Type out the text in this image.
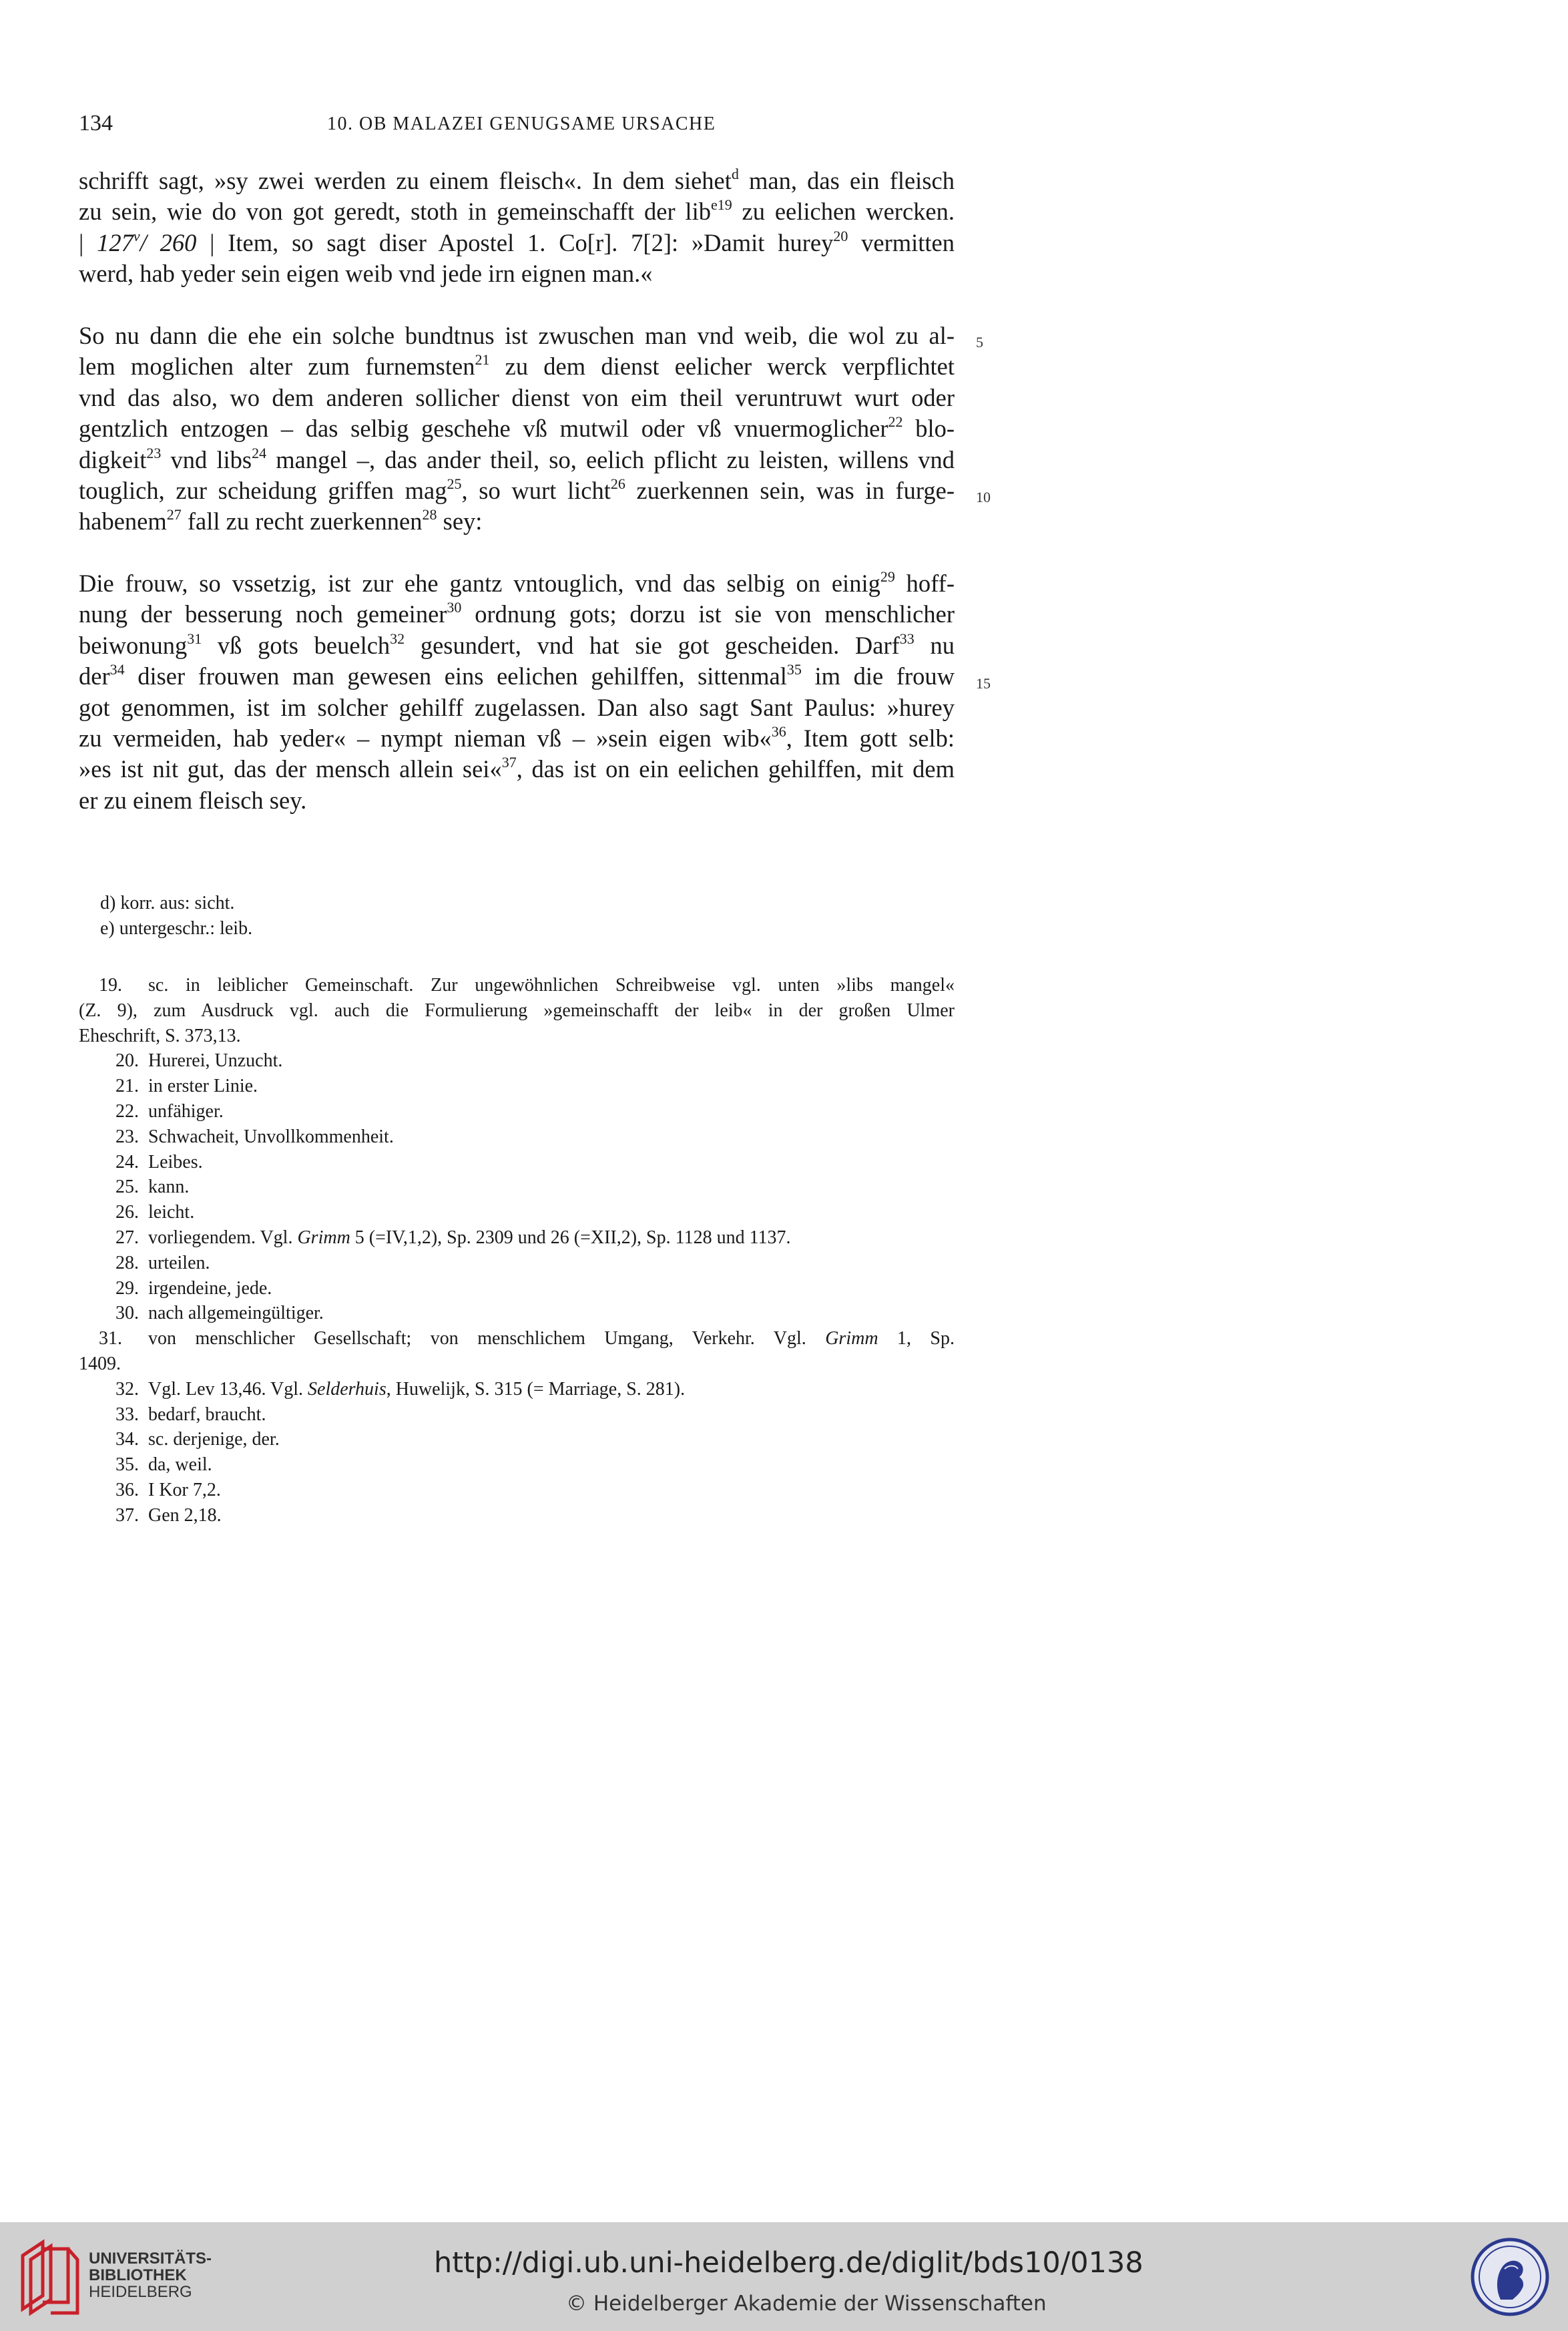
134	10. OB MALAZEI GENUGSAME URSACHE
schrifft sagt, »sy zwei werden zu einem fleisch«. In dem siehet$^d$ man, das ein fleisch
zu sein, wie do von got geredt, stoth in gemeinschafft der lib$^{e19}$ zu eelichen wercken.
| 127$^v$/ 260 | Item, so sagt diser Apostel 1. Co[r]. 7[2]: »Damit hurey$^{20}$ vermitten
werd, hab yeder sein eigen weib vnd jede irn eignen man.«
So nu dann die ehe ein solche bundtnus ist zwuschen man vnd weib, die wol zu al-
lem moglichen alter zum furnemsten$^{21}$ zu dem dienst eelicher werck verpflichtet
vnd das also, wo dem anderen sollicher dienst von eim theil veruntruwt wurt oder
gentzlich entzogen – das selbig geschehe vß mutwil oder vß vnuermoglicher$^{22}$ blo-
digkeit$^{23}$ vnd libs$^{24}$ mangel –, das ander theil, so, eelich pflicht zu leisten, willens vnd
touglich, zur scheidung griffen mag$^{25}$, so wurt licht$^{26}$ zuerkennen sein, was in furge-
habenem$^{27}$ fall zu recht zuerkennen$^{28}$ sey:
Die frouw, so vssetzig, ist zur ehe gantz vntouglich, vnd das selbig on einig$^{29}$ hoff-
nung der besserung noch gemeiner$^{30}$ ordnung gots; dorzu ist sie von menschlicher
beiwonung$^{31}$ vß gots beuelch$^{32}$ gesundert, vnd hat sie got gescheiden. Darf$^{33}$ nu
der$^{34}$ diser frouwen man gewesen eins eelichen gehilffen, sittenmal$^{35}$ im die frouw
got genommen, ist im solcher gehilff zugelassen. Dan also sagt Sant Paulus: »hurey
zu vermeiden, hab yeder« – nympt nieman vß – »sein eigen wib«$^{36}$, Item gott selb:
»es ist nit gut, das der mensch allein sei«$^{37}$, das ist on ein eelichen gehilffen, mit dem
er zu einem fleisch sey.
5
10
15
d) korr. aus: sicht.
e) untergeschr.: leib.
19. sc. in leiblicher Gemeinschaft. Zur ungewöhnlichen Schreibweise vgl. unten »libs mangel«
(Z. 9), zum Ausdruck vgl. auch die Formulierung »gemeinschafft der leib« in der großen Ulmer
Eheschrift, S. 373,13.
20. Hurerei, Unzucht.
21. in erster Linie.
22. unfähiger.
23. Schwacheit, Unvollkommenheit.
24. Leibes.
25. kann.
26. leicht.
27. vorliegendem. Vgl. Grimm 5 (=IV,1,2), Sp. 2309 und 26 (=XII,2), Sp. 1128 und 1137.
28. urteilen.
29. irgendeine, jede.
30. nach allgemeingültiger.
31. von menschlicher Gesellschaft; von menschlichem Umgang, Verkehr. Vgl. Grimm 1, Sp.
1409.
32. Vgl. Lev 13,46. Vgl. Selderhuis, Huwelijk, S. 315 (= Marriage, S. 281).
33. bedarf, braucht.
34. sc. derjenige, der.
35. da, weil.
36. I Kor 7,2.
37. Gen 2,18.
UNIVERSITÄTS-
BIBLIOTHEK
HEIDELBERG
http://digi.ub.uni-heidelberg.de/diglit/bds10/0138
© Heidelberger Akademie der Wissenschaften
